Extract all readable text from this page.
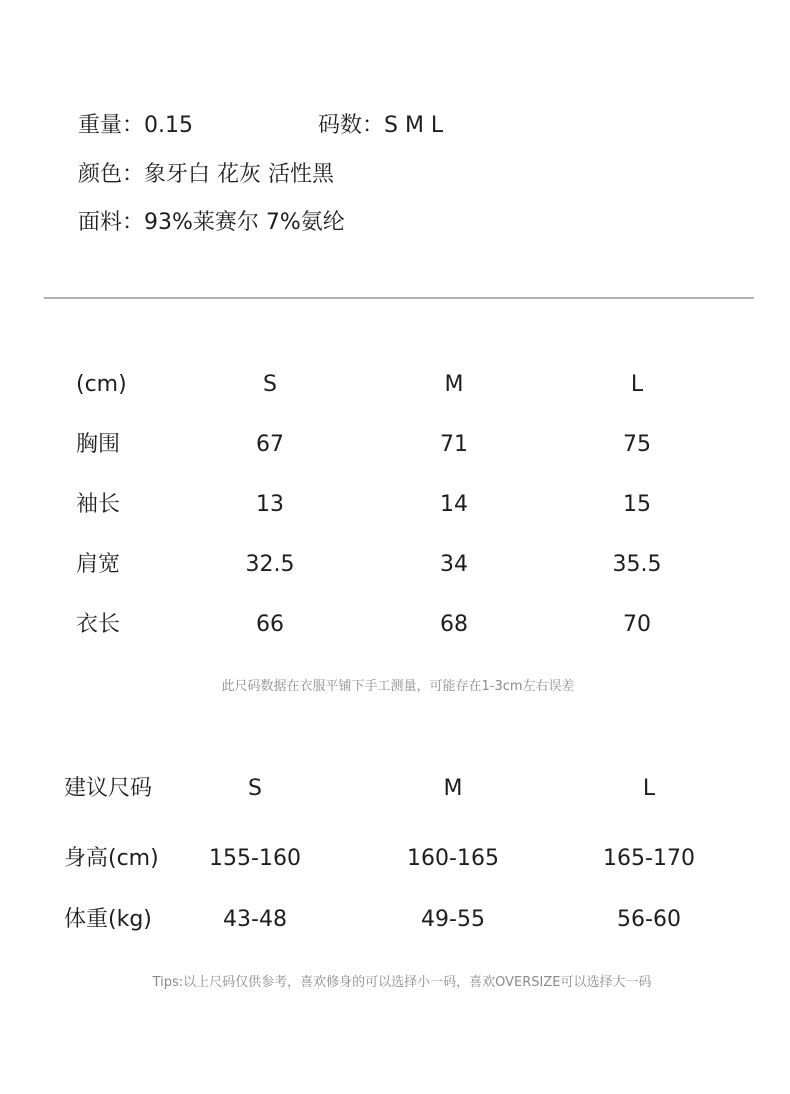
重量：0.15	码数：S M L
颜色：象牙白 花灰 活性黑
面料：93%莱赛尔 7%氨纶
(cm)	S	M	L
胸围	67	71	75
袖长	13	14	15
肩宽	32.5	34	35.5
衣长	66	68	70
此尺码数据在衣服平铺下手工测量，可能存在1-3cm左右误差
建议尺码	S	M	L
身高(cm) 155-160	160-165	165-170
体重(kg)	43-48	49-55	56-60
Tips:以上尺码仅供参考，喜欢修身的可以选择小一码，喜欢OVERSIZE可以选择大一码
